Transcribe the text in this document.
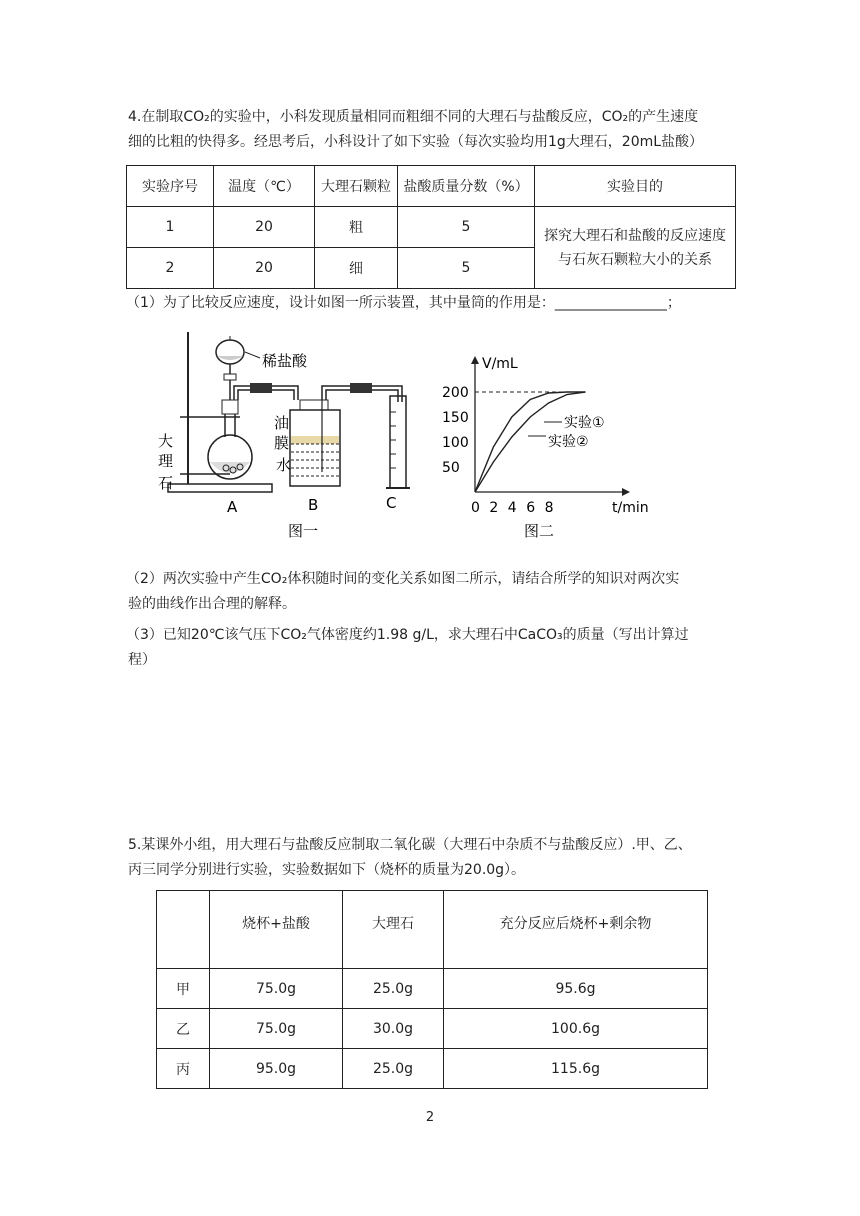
4.在制取CO₂的实验中，小科发现质量相同而粗细不同的大理石与盐酸反应，CO₂的产生速度
细的比粗的快得多。经思考后，小科设计了如下实验（每次实验均用1g大理石，20mL盐酸）
实验序号	温度（℃）	大理石颗粒	盐酸质量分数（%）	实验目的
1	20	粗	5	探究大理石和盐酸的反应速度与石灰石颗粒大小的关系
2	20	细	5	
（1）为了比较反应速度，设计如图一所示装置，其中量筒的作用是：________________；
稀盐酸
大
理
石
油
膜
水
A	B	C
图一
V/mL
t/min
50
100
150
200
0 2 4 6 8
实验①
实验②
图二
（2）两次实验中产生CO₂体积随时间的变化关系如图二所示，请结合所学的知识对两次实
验的曲线作出合理的解释。
（3）已知20℃该气压下CO₂气体密度约1.98 g/L，求大理石中CaCO₃的质量（写出计算过
程）
5.某课外小组，用大理石与盐酸反应制取二氧化碳（大理石中杂质不与盐酸反应）.甲、乙、
丙三同学分别进行实验，实验数据如下（烧杯的质量为20.0g）。
	烧杯+盐酸	大理石	充分反应后烧杯+剩余物
甲	75.0g	25.0g	95.6g
乙	75.0g	30.0g	100.6g
丙	95.0g	25.0g	115.6g
2
